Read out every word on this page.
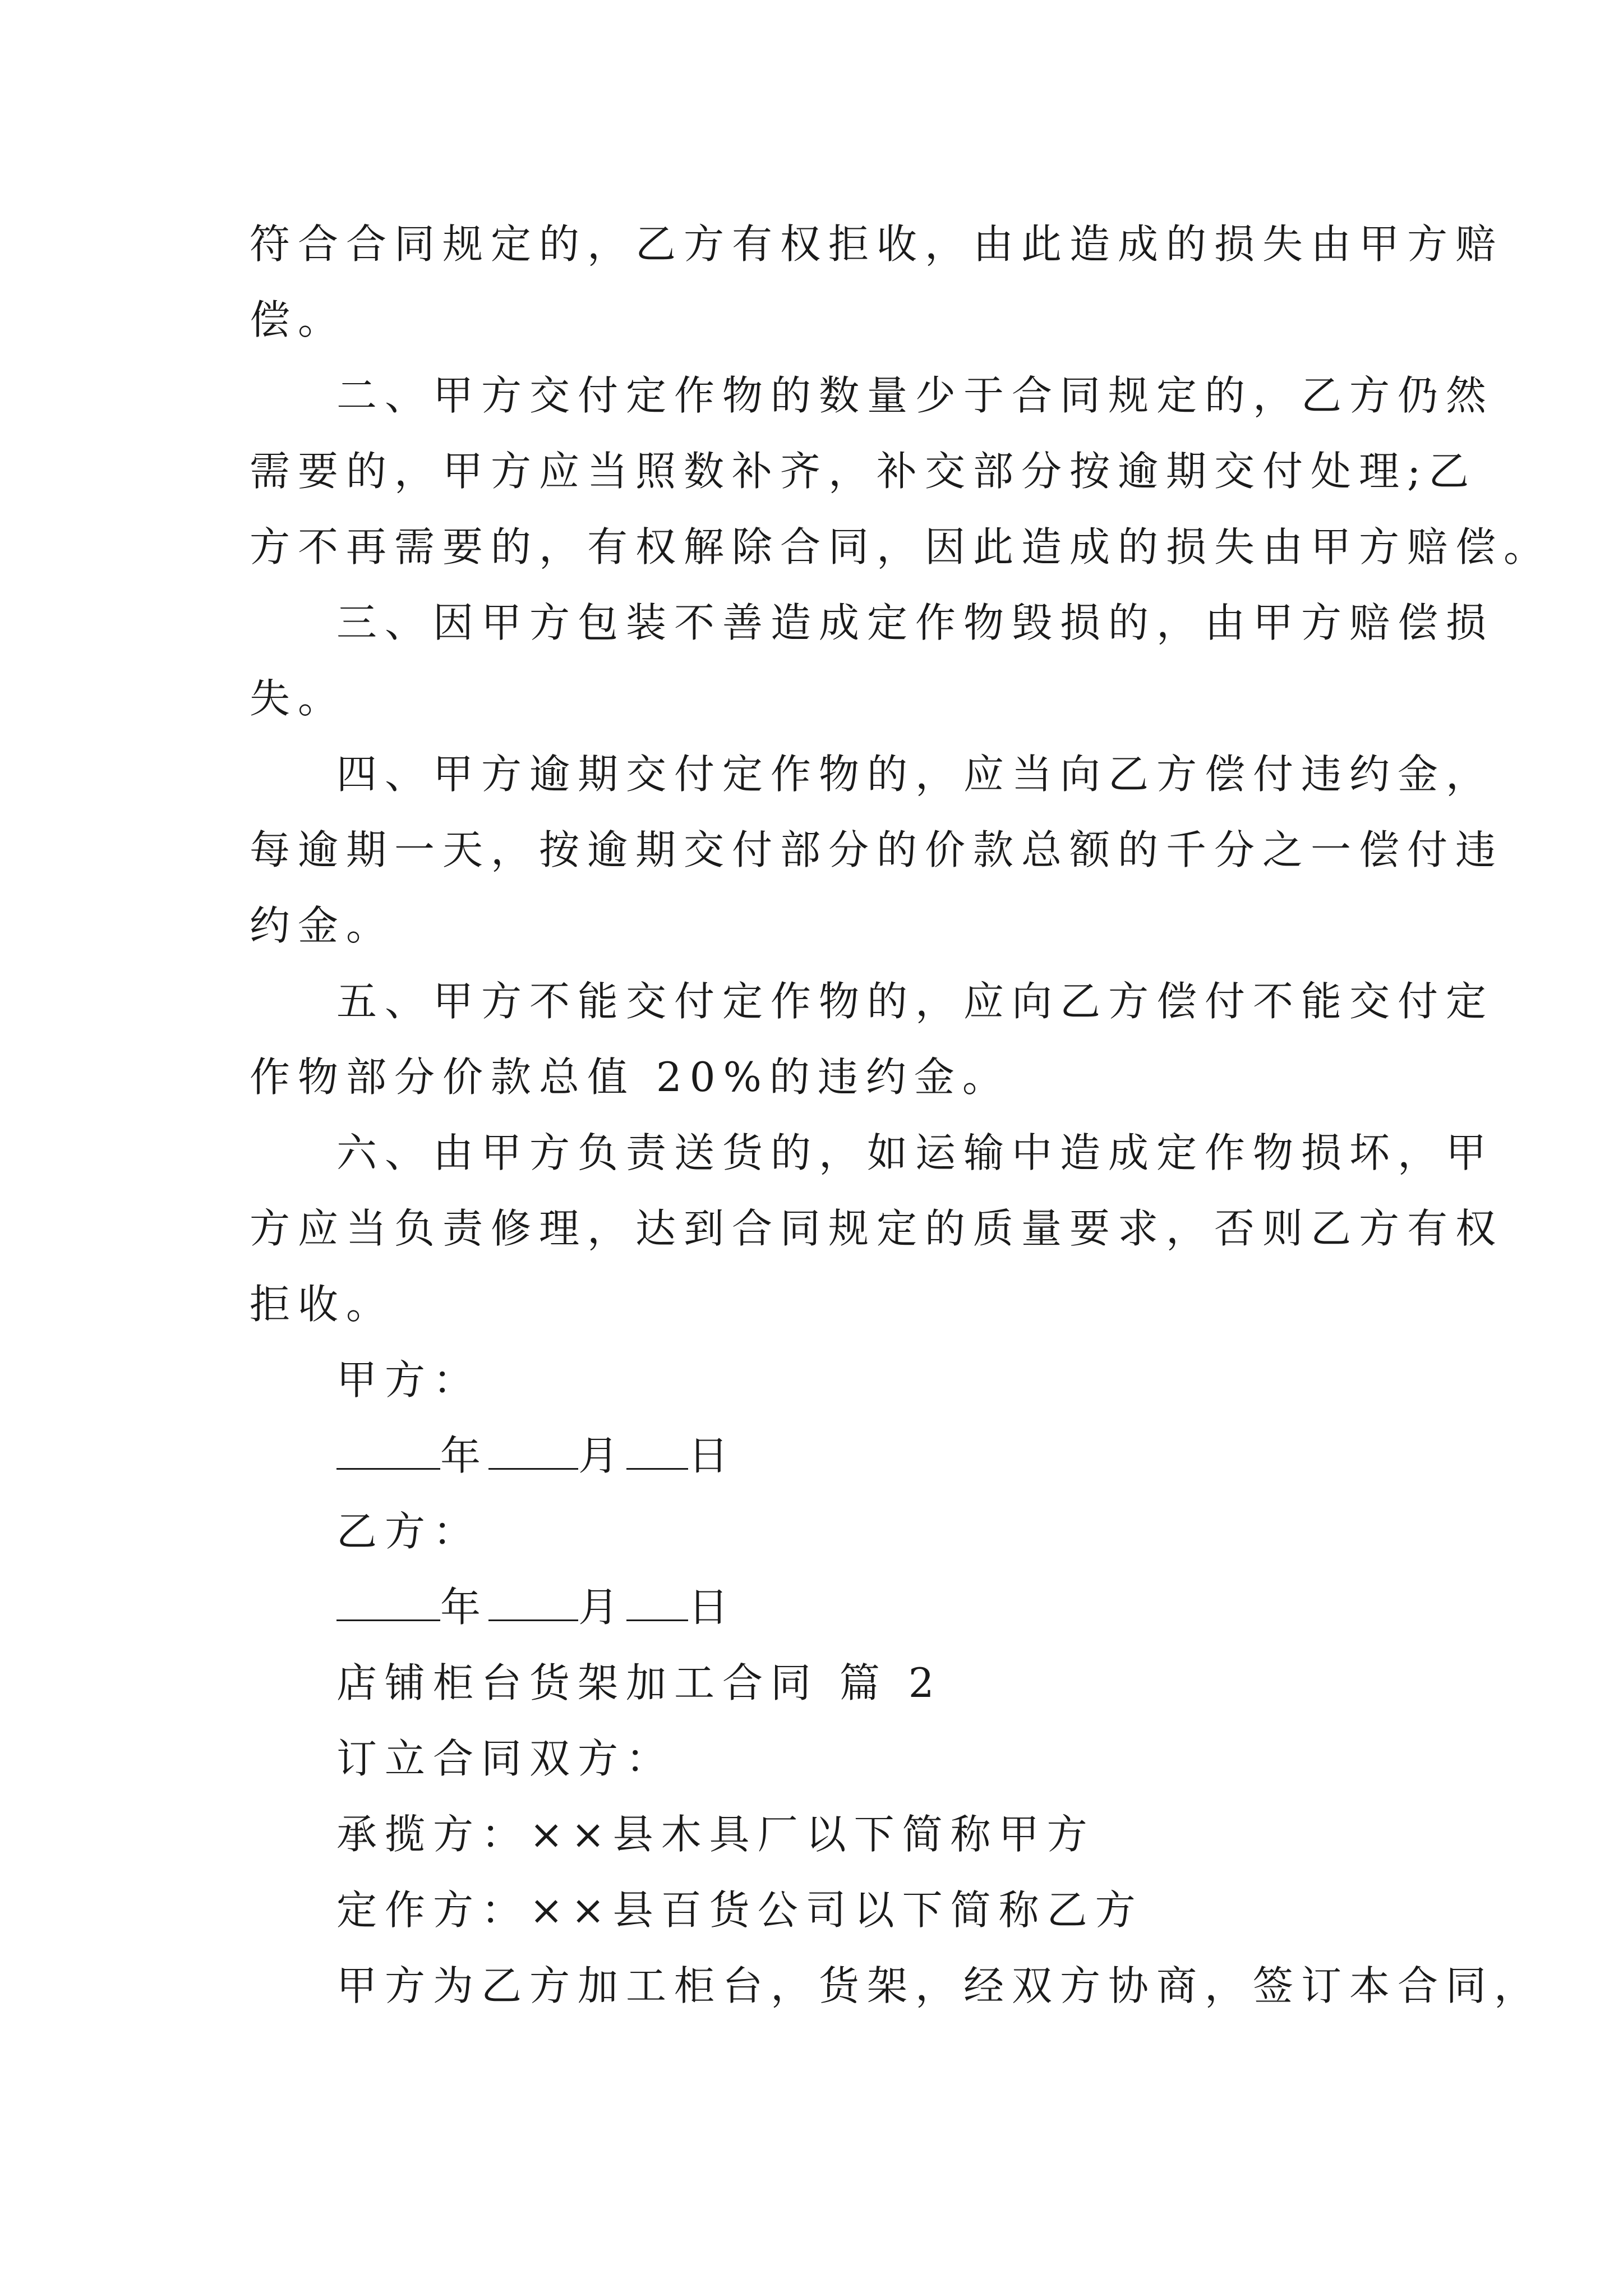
符合合同规定的，乙方有权拒收，由此造成的损失由甲方赔
偿。
二、甲方交付定作物的数量少于合同规定的，乙方仍然
需要的，甲方应当照数补齐，补交部分按逾期交付处理;乙
方不再需要的，有权解除合同，因此造成的损失由甲方赔偿。
三、因甲方包装不善造成定作物毁损的，由甲方赔偿损
失。
四、甲方逾期交付定作物的，应当向乙方偿付违约金，
每逾期一天，按逾期交付部分的价款总额的千分之一偿付违
约金。
五、甲方不能交付定作物的，应向乙方偿付不能交付定
作物部分价款总值 20%的违约金。
六、由甲方负责送货的，如运输中造成定作物损坏，甲
方应当负责修理，达到合同规定的质量要求，否则乙方有权
拒收。
甲方：
年 月 日
乙方：
年 月 日
店铺柜台货架加工合同 篇 2
订立合同双方：
承揽方：××县木具厂以下简称甲方
定作方：××县百货公司以下简称乙方
甲方为乙方加工柜台，货架，经双方协商，签订本合同，
